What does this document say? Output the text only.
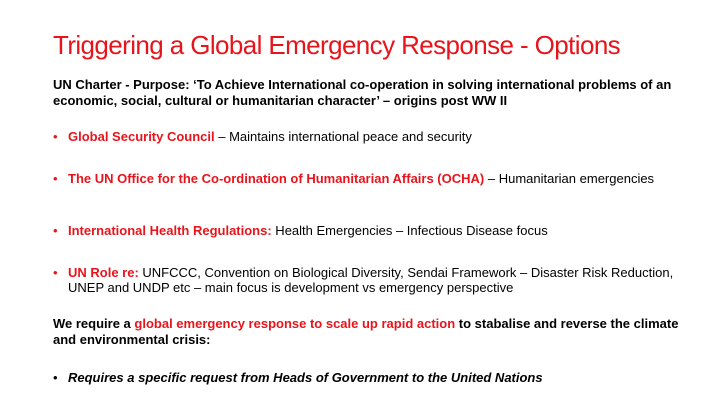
Triggering a Global Emergency Response - Options
UN Charter - Purpose: ‘To Achieve International co-operation in solving international problems of an economic, social, cultural or humanitarian character’ – origins post WW II
• Global Security Council – Maintains international peace and security
• The UN Office for the Co-ordination of Humanitarian Affairs (OCHA) – Humanitarian emergencies
• International Health Regulations: Health Emergencies – Infectious Disease focus
• UN Role re: UNFCCC, Convention on Biological Diversity, Sendai Framework – Disaster Risk Reduction, UNEP and UNDP etc – main focus is development vs emergency perspective
We require a global emergency response to scale up rapid action to stabalise and reverse the climate and environmental crisis:
• Requires a specific request from Heads of Government to the United Nations
